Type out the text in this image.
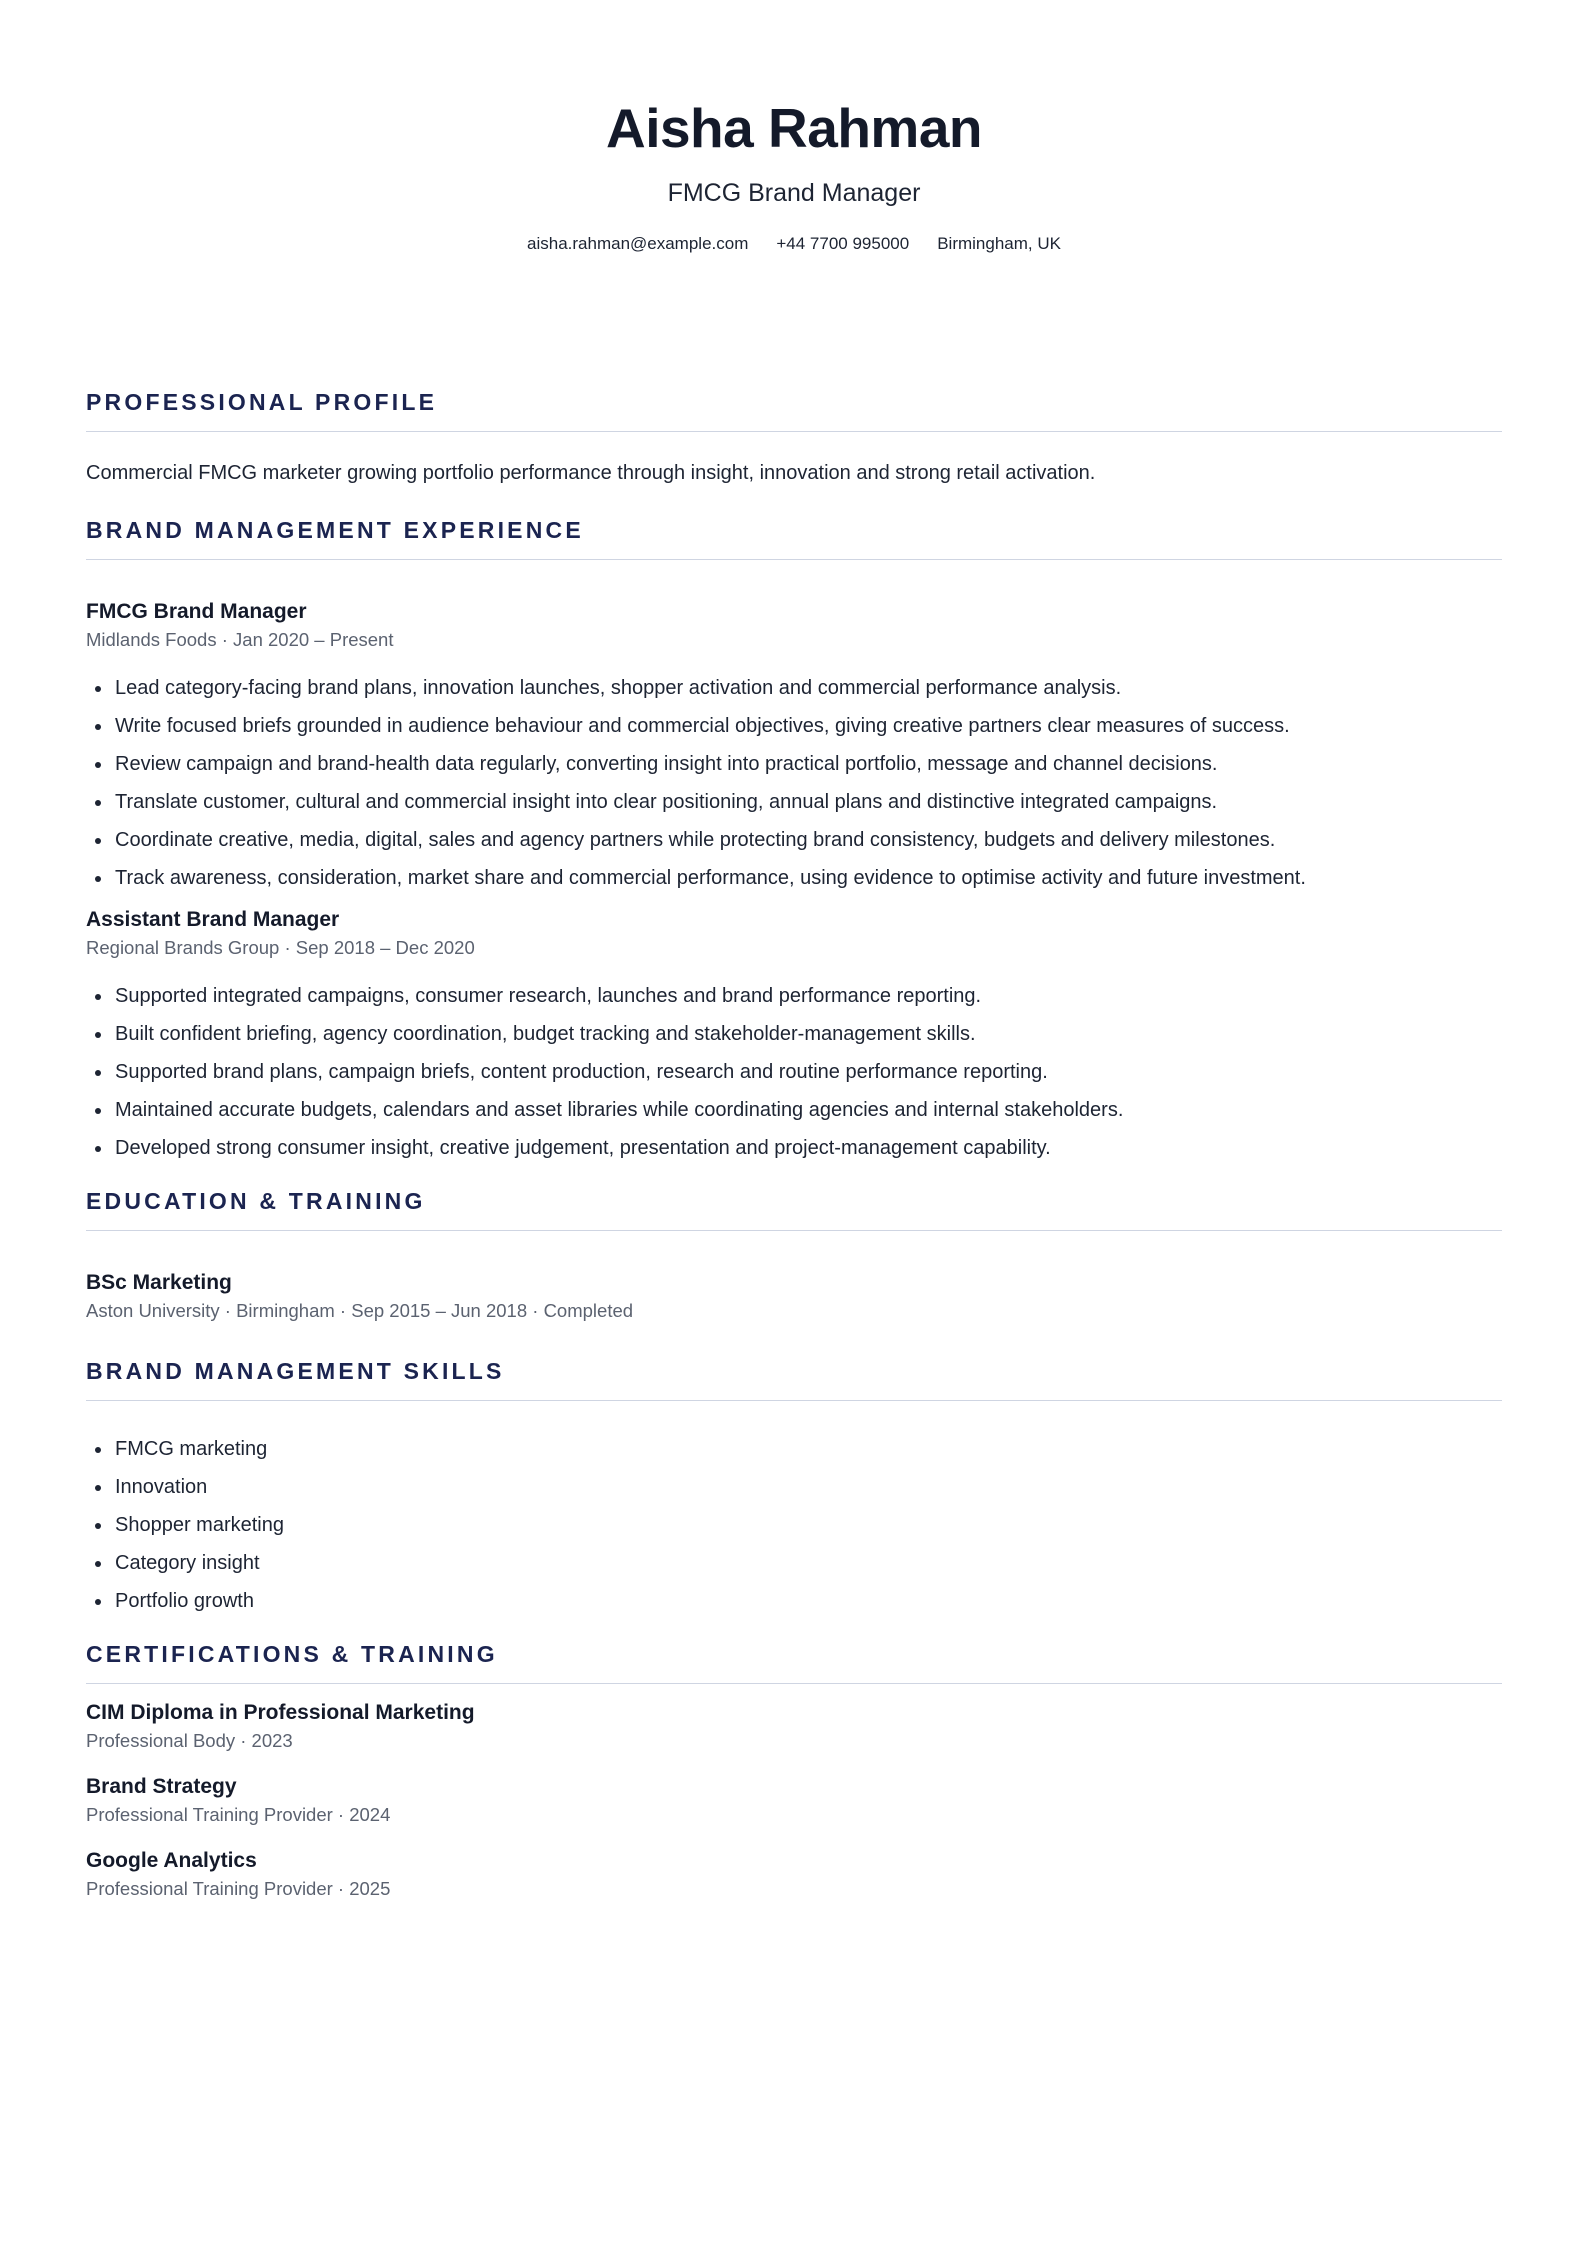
Aisha Rahman
FMCG Brand Manager
aisha.rahman@example.com +44 7700 995000 Birmingham, UK
PROFESSIONAL PROFILE
Commercial FMCG marketer growing portfolio performance through insight, innovation and strong retail activation.
BRAND MANAGEMENT EXPERIENCE
FMCG Brand Manager
Midlands Foods · Jan 2020 – Present
Lead category-facing brand plans, innovation launches, shopper activation and commercial performance analysis.
Write focused briefs grounded in audience behaviour and commercial objectives, giving creative partners clear measures of success.
Review campaign and brand-health data regularly, converting insight into practical portfolio, message and channel decisions.
Translate customer, cultural and commercial insight into clear positioning, annual plans and distinctive integrated campaigns.
Coordinate creative, media, digital, sales and agency partners while protecting brand consistency, budgets and delivery milestones.
Track awareness, consideration, market share and commercial performance, using evidence to optimise activity and future investment.
Assistant Brand Manager
Regional Brands Group · Sep 2018 – Dec 2020
Supported integrated campaigns, consumer research, launches and brand performance reporting.
Built confident briefing, agency coordination, budget tracking and stakeholder-management skills.
Supported brand plans, campaign briefs, content production, research and routine performance reporting.
Maintained accurate budgets, calendars and asset libraries while coordinating agencies and internal stakeholders.
Developed strong consumer insight, creative judgement, presentation and project-management capability.
EDUCATION & TRAINING
BSc Marketing
Aston University · Birmingham · Sep 2015 – Jun 2018 · Completed
BRAND MANAGEMENT SKILLS
FMCG marketing
Innovation
Shopper marketing
Category insight
Portfolio growth
CERTIFICATIONS & TRAINING
CIM Diploma in Professional Marketing
Professional Body · 2023
Brand Strategy
Professional Training Provider · 2024
Google Analytics
Professional Training Provider · 2025
